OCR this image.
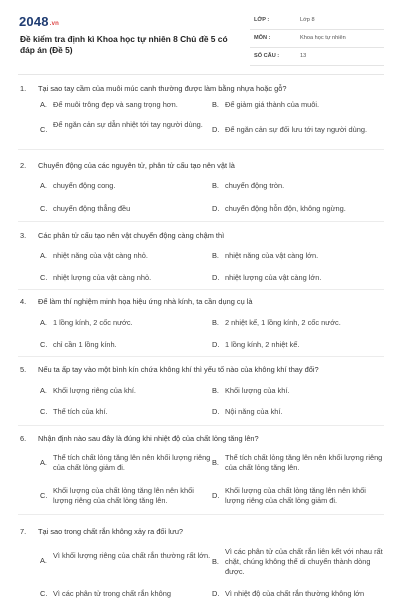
2048.vn
Đề kiểm tra định kì Khoa học tự nhiên 8 Chủ đề 5 có đáp án (Đề 5)
LỚP :	Lớp 8
MÔN :	Khoa học tự nhiên
SỐ CÂU :	13
1.	Tại sao tay cầm của muôi múc canh thường được làm bằng nhựa hoặc gỗ?
A. Để muôi trông đẹp và sang trọng hơn.	B. Để giảm giá thành của muôi.
C.
Để ngăn cản sự dẫn nhiệt tới tay người dùng.
D. Để ngăn cản sự đối lưu tới tay người dùng.
2.	Chuyển động của các nguyên tử, phân tử cấu tạo nên vật là
A. chuyển động cong.	B. chuyển động tròn.
C. chuyển động thẳng đều	D. chuyển động hỗn độn, không ngừng.
3.	Các phân tử cấu tạo nên vật chuyển động càng chậm thì
A. nhiệt năng của vật càng nhỏ.	B. nhiệt năng của vật càng lớn.
C. nhiệt lượng của vật càng nhỏ.	D. nhiệt lượng của vật càng lớn.
4.	Để làm thí nghiệm minh họa hiệu ứng nhà kính, ta cần dụng cụ là
A. 1 lồng kính, 2 cốc nước.	B. 2 nhiệt kế, 1 lồng kính, 2 cốc nước.
C. chỉ cần 1 lồng kính.	D. 1 lồng kính, 2 nhiệt kế.
5.	Nếu ta ấp tay vào một bình kín chứa không khí thì yếu tố nào của không khí thay đổi?
A. Khối lượng riêng của khí.	B. Khối lượng của khí.
C. Thể tích của khí.	D. Nội năng của khí.
6.	Nhận định nào sau đây là đúng khi nhiệt độ của chất lỏng tăng lên?
A.
Thể tích chất lỏng tăng lên nên khối lượng riêng của chất lỏng giảm đi.
B.
Thể tích chất lỏng tăng lên nên khối lượng riêng của chất lỏng tăng lên.
C.
Khối lượng của chất lỏng tăng lên nên khối lượng riêng của chất lỏng tăng lên.
D.
Khối lượng của chất lỏng tăng lên nên khối lượng riêng của chất lỏng giảm đi.
7.	Tại sao trong chất rắn không xảy ra đối lưu?
A.
Vì khối lượng riêng của chất rắn thường rất lớn.
B.
Vì các phân tử của chất rắn liên kết với nhau rất chặt, chúng không thể di chuyển thành dòng được.
C. Vì các phân tử trong chất rắn không	D. Vì nhiệt độ của chất rắn thường không lớn
